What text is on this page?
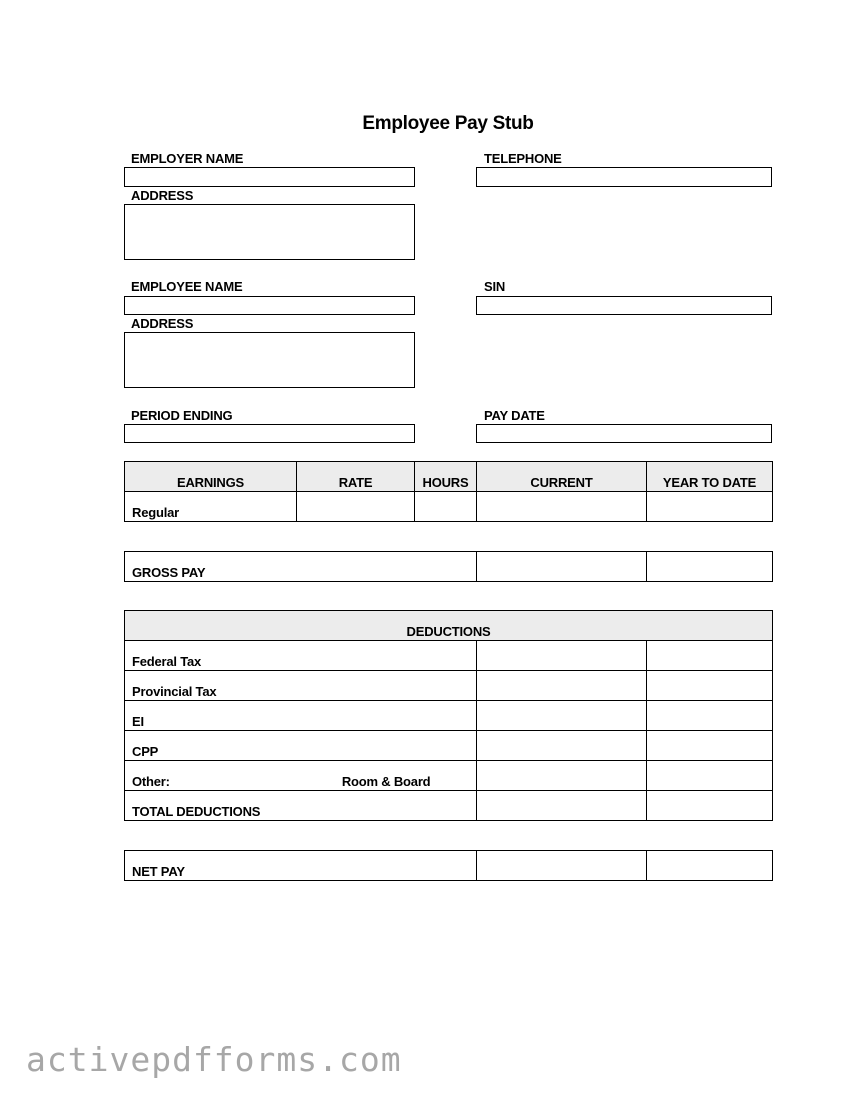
Employee Pay Stub
EMPLOYER NAME	TELEPHONE
ADDRESS
EMPLOYEE NAME	SIN
ADDRESS
PERIOD ENDING	PAY DATE
EARNINGS	RATE	HOURS	CURRENT	YEAR TO DATE
Regular				
GROSS PAY		
DEDUCTIONS		
Federal Tax		
Provincial Tax		
EI		
CPP		
Other: Room & Board		
TOTAL DEDUCTIONS		
NET PAY		
activepdfforms.com
